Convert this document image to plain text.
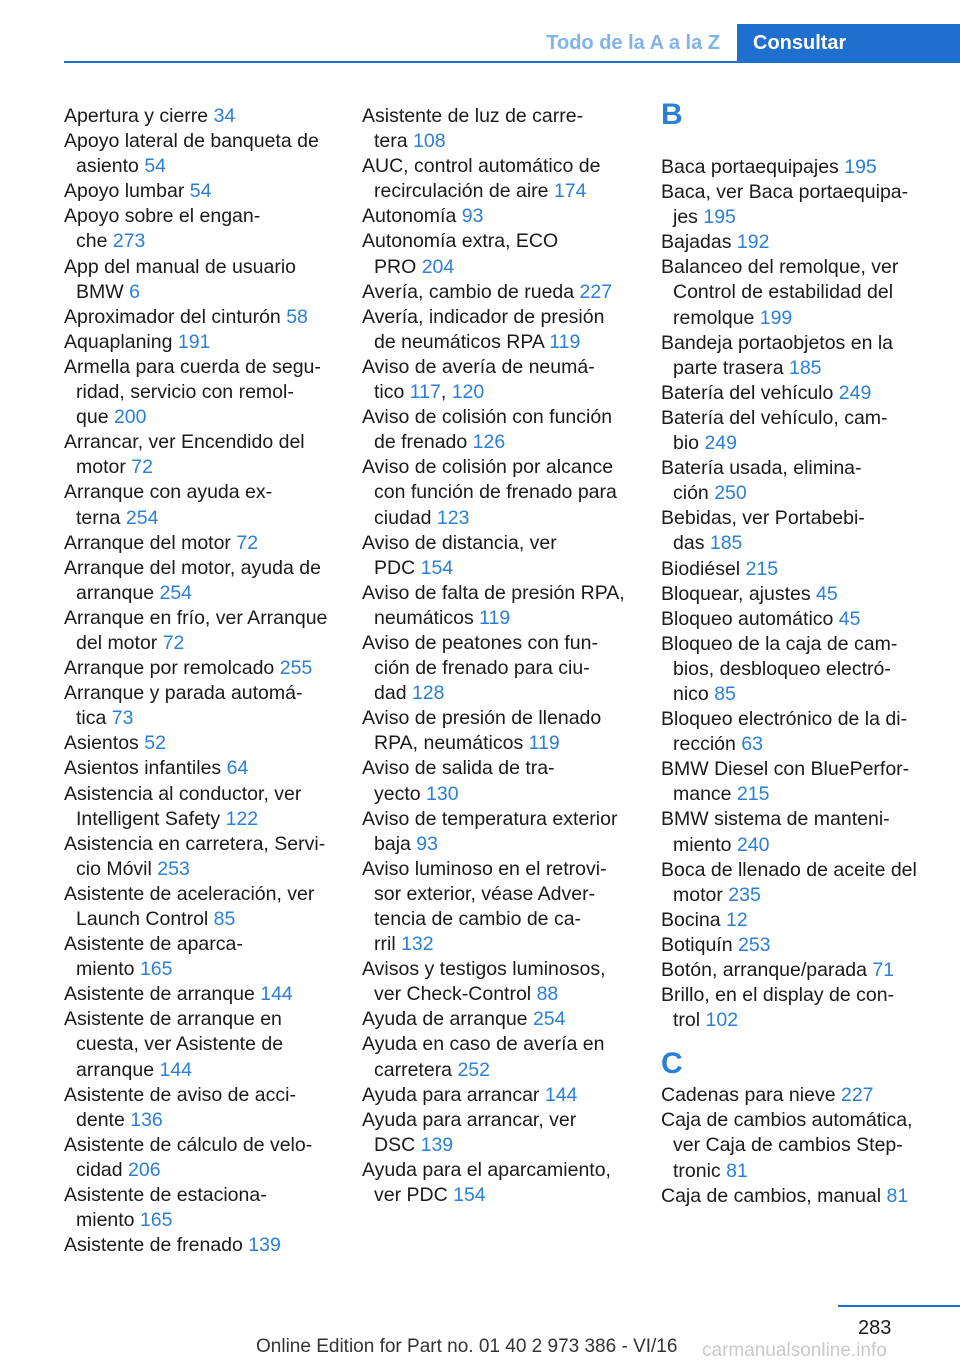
Todo de la A a la Z Consultar
Apertura y cierre 34
Apoyo lateral de banqueta de
asiento 54
Apoyo lumbar 54
Apoyo sobre el engan-
che 273
App del manual de usuario
BMW 6
Aproximador del cinturón 58
Aquaplaning 191
Armella para cuerda de segu-
ridad, servicio con remol-
que 200
Arrancar, ver Encendido del
motor 72
Arranque con ayuda ex-
terna 254
Arranque del motor 72
Arranque del motor, ayuda de
arranque 254
Arranque en frío, ver Arranque
del motor 72
Arranque por remolcado 255
Arranque y parada automá-
tica 73
Asientos 52
Asientos infantiles 64
Asistencia al conductor, ver
Intelligent Safety 122
Asistencia en carretera, Servi-
cio Móvil 253
Asistente de aceleración, ver
Launch Control 85
Asistente de aparca-
miento 165
Asistente de arranque 144
Asistente de arranque en
cuesta, ver Asistente de
arranque 144
Asistente de aviso de acci-
dente 136
Asistente de cálculo de velo-
cidad 206
Asistente de estaciona-
miento 165
Asistente de frenado 139
Asistente de luz de carre-
tera 108
AUC, control automático de
recirculación de aire 174
Autonomía 93
Autonomía extra, ECO
PRO 204
Avería, cambio de rueda 227
Avería, indicador de presión
de neumáticos RPA 119
Aviso de avería de neumá-
tico 117, 120
Aviso de colisión con función
de frenado 126
Aviso de colisión por alcance
con función de frenado para
ciudad 123
Aviso de distancia, ver
PDC 154
Aviso de falta de presión RPA,
neumáticos 119
Aviso de peatones con fun-
ción de frenado para ciu-
dad 128
Aviso de presión de llenado
RPA, neumáticos 119
Aviso de salida de tra-
yecto 130
Aviso de temperatura exterior
baja 93
Aviso luminoso en el retrovi-
sor exterior, véase Adver-
tencia de cambio de ca-
rril 132
Avisos y testigos luminosos,
ver Check-Control 88
Ayuda de arranque 254
Ayuda en caso de avería en
carretera 252
Ayuda para arrancar 144
Ayuda para arrancar, ver
DSC 139
Ayuda para el aparcamiento,
ver PDC 154
B
Baca portaequipajes 195
Baca, ver Baca portaequipa-
jes 195
Bajadas 192
Balanceo del remolque, ver
Control de estabilidad del
remolque 199
Bandeja portaobjetos en la
parte trasera 185
Batería del vehículo 249
Batería del vehículo, cam-
bio 249
Batería usada, elimina-
ción 250
Bebidas, ver Portabebi-
das 185
Biodiésel 215
Bloquear, ajustes 45
Bloqueo automático 45
Bloqueo de la caja de cam-
bios, desbloqueo electró-
nico 85
Bloqueo electrónico de la di-
rección 63
BMW Diesel con BluePerfor-
mance 215
BMW sistema de manteni-
miento 240
Boca de llenado de aceite del
motor 235
Bocina 12
Botiquín 253
Botón, arranque/parada 71
Brillo, en el display de con-
trol 102
C
Cadenas para nieve 227
Caja de cambios automática,
ver Caja de cambios Step-
tronic 81
Caja de cambios, manual 81
283
Online Edition for Part no. 01 40 2 973 386 - VI/16 carmanualsonline.info
